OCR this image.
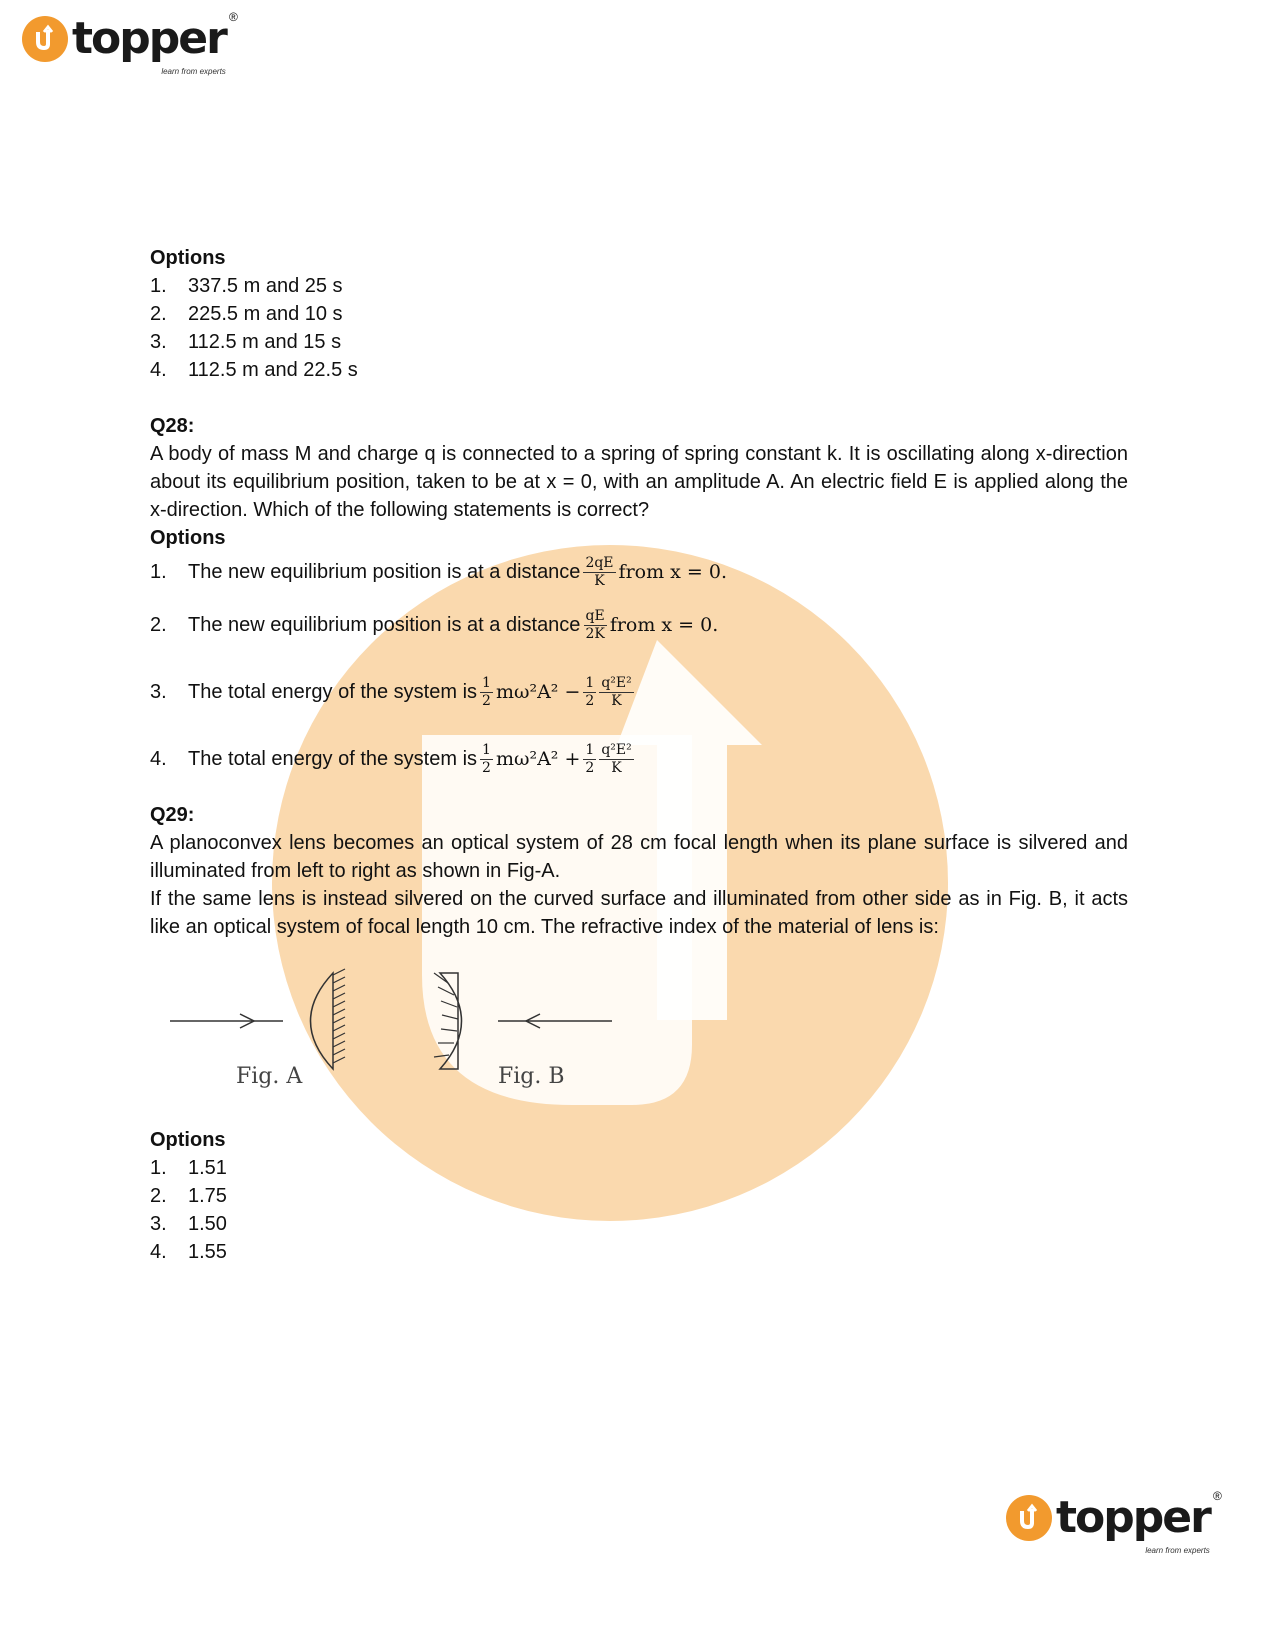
topper ®
learn from experts
topper ®
learn from experts
Options
1.	337.5 m and 25 s
2.	225.5 m and 10 s
3.	112.5 m and 15 s
4.	112.5 m and 22.5 s
Q28:
A body of mass M and charge q is connected to a spring of spring constant k. It is oscillating along x-direction about its equilibrium position, taken to be at x = 0, with an amplitude A. An electric field E is applied along the x-direction. Which of the following statements is correct?
Options
1.	The new equilibrium position is at a distance $\frac{2qE}{K}$ from x = 0.
2.	The new equilibrium position is at a distance $\frac{qE}{2K}$ from x = 0.
3.	The total energy of the system is $\frac{1}{2} m\omega^2A^2 - \frac{1}{2} \frac{\text{q²E²}}{K}$
4.	The total energy of the system is $\frac{1}{2} m\omega^2A^2 + \frac{1}{2} \frac{\text{q²E²}}{K}$
Q29:
A planoconvex lens becomes an optical system of 28 cm focal length when its plane surface is silvered and illuminated from left to right as shown in Fig-A.
If the same lens is instead silvered on the curved surface and illuminated from other side as in Fig. B, it acts like an optical system of focal length 10 cm. The refractive index of the material of lens is:
Fig. A	Fig. B
Options
1.	1.51
2.	1.75
3.	1.50
4.	1.55
